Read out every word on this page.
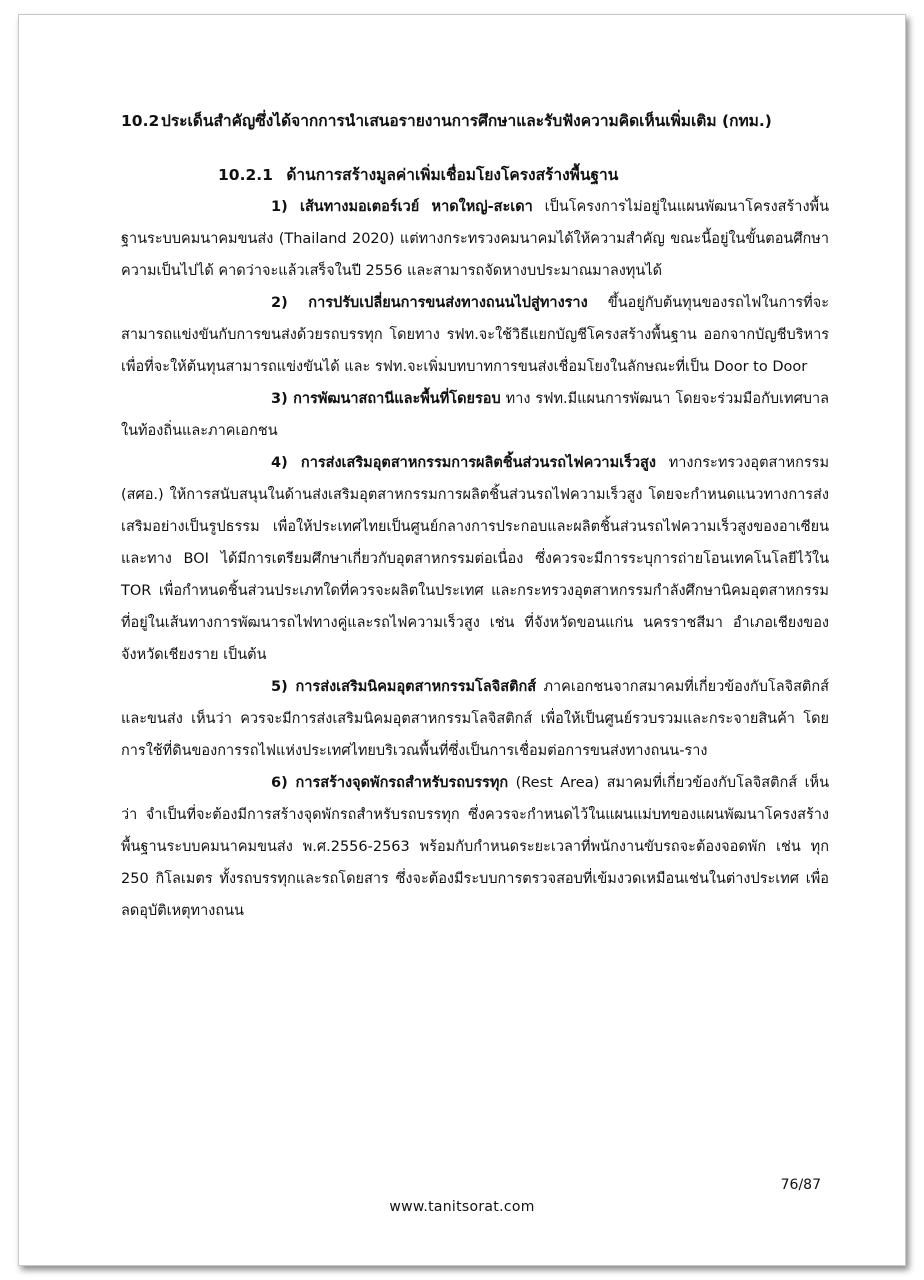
10.2 ประเด็นสำคัญซึ่งได้จากการนำเสนอรายงานการศึกษาและรับฟังความคิดเห็นเพิ่มเติม (กทม.)
10.2.1 ด้านการสร้างมูลค่าเพิ่มเชื่อมโยงโครงสร้างพื้นฐาน

1) เส้นทางมอเตอร์เวย์ หาดใหญ่-สะเดา เป็นโครงการไม่อยู่ในแผนพัฒนาโครงสร้างพื้นฐานระบบคมนาคมขนส่ง (Thailand 2020) แต่ทางกระทรวงคมนาคมได้ให้ความสำคัญ ขณะนี้อยู่ในขั้นตอนศึกษาความเป็นไปได้ คาดว่าจะแล้วเสร็จในปี 2556 และสามารถจัดหางบประมาณมาลงทุนได้

2) การปรับเปลี่ยนการขนส่งทางถนนไปสู่ทางราง ขึ้นอยู่กับต้นทุนของรถไฟในการที่จะสามารถแข่งขันกับการขนส่งด้วยรถบรรทุก โดยทาง รฟท.จะใช้วิธีแยกบัญชีโครงสร้างพื้นฐาน ออกจากบัญชีบริหาร เพื่อที่จะให้ต้นทุนสามารถแข่งขันได้ และ รฟท.จะเพิ่มบทบาทการขนส่งเชื่อมโยงในลักษณะที่เป็น Door to Door

3) การพัฒนาสถานีและพื้นที่โดยรอบ ทาง รฟท.มีแผนการพัฒนา โดยจะร่วมมือกับเทศบาลในท้องถิ่นและภาคเอกชน

4) การส่งเสริมอุตสาหกรรมการผลิตชิ้นส่วนรถไฟความเร็วสูง ทางกระทรวงอุตสาหกรรม (สศอ.) ให้การสนับสนุนในด้านส่งเสริมอุตสาหกรรมการผลิตชิ้นส่วนรถไฟความเร็วสูง โดยจะกำหนดแนวทางการส่งเสริมอย่างเป็นรูปธรรม เพื่อให้ประเทศไทยเป็นศูนย์กลางการประกอบและผลิตชิ้นส่วนรถไฟความเร็วสูงของอาเซียน และทาง BOI ได้มีการเตรียมศึกษาเกี่ยวกับอุตสาหกรรมต่อเนื่อง ซึ่งควรจะมีการระบุการถ่ายโอนเทคโนโลยีไว้ใน TOR เพื่อกำหนดชิ้นส่วนประเภทใดที่ควรจะผลิตในประเทศ และกระทรวงอุตสาหกรรมกำลังศึกษานิคมอุตสาหกรรมที่อยู่ในเส้นทางการพัฒนารถไฟทางคู่และรถไฟความเร็วสูง เช่น ที่จังหวัดขอนแก่น นครราชสีมา อำเภอเชียงของ จังหวัดเชียงราย เป็นต้น

5) การส่งเสริมนิคมอุตสาหกรรมโลจิสติกส์ ภาคเอกชนจากสมาคมที่เกี่ยวข้องกับโลจิสติกส์และขนส่ง เห็นว่า ควรจะมีการส่งเสริมนิคมอุตสาหกรรมโลจิสติกส์ เพื่อให้เป็นศูนย์รวบรวมและกระจายสินค้า โดยการใช้ที่ดินของการรถไฟแห่งประเทศไทยบริเวณพื้นที่ซึ่งเป็นการเชื่อมต่อการขนส่งทางถนน-ราง

6) การสร้างจุดพักรถสำหรับรถบรรทุก (Rest Area) สมาคมที่เกี่ยวข้องกับโลจิสติกส์ เห็นว่า จำเป็นที่จะต้องมีการสร้างจุดพักรถสำหรับรถบรรทุก ซึ่งควรจะกำหนดไว้ในแผนแม่บทของแผนพัฒนาโครงสร้างพื้นฐานระบบคมนาคมขนส่ง พ.ศ.2556-2563 พร้อมกับกำหนดระยะเวลาที่พนักงานขับรถจะต้องจอดพัก เช่น ทุก 250 กิโลเมตร ทั้งรถบรรทุกและรถโดยสาร ซึ่งจะต้องมีระบบการตรวจสอบที่เข้มงวดเหมือนเช่นในต่างประเทศ เพื่อลดอุบัติเหตุทางถนน

76/87
www.tanitsorat.com
